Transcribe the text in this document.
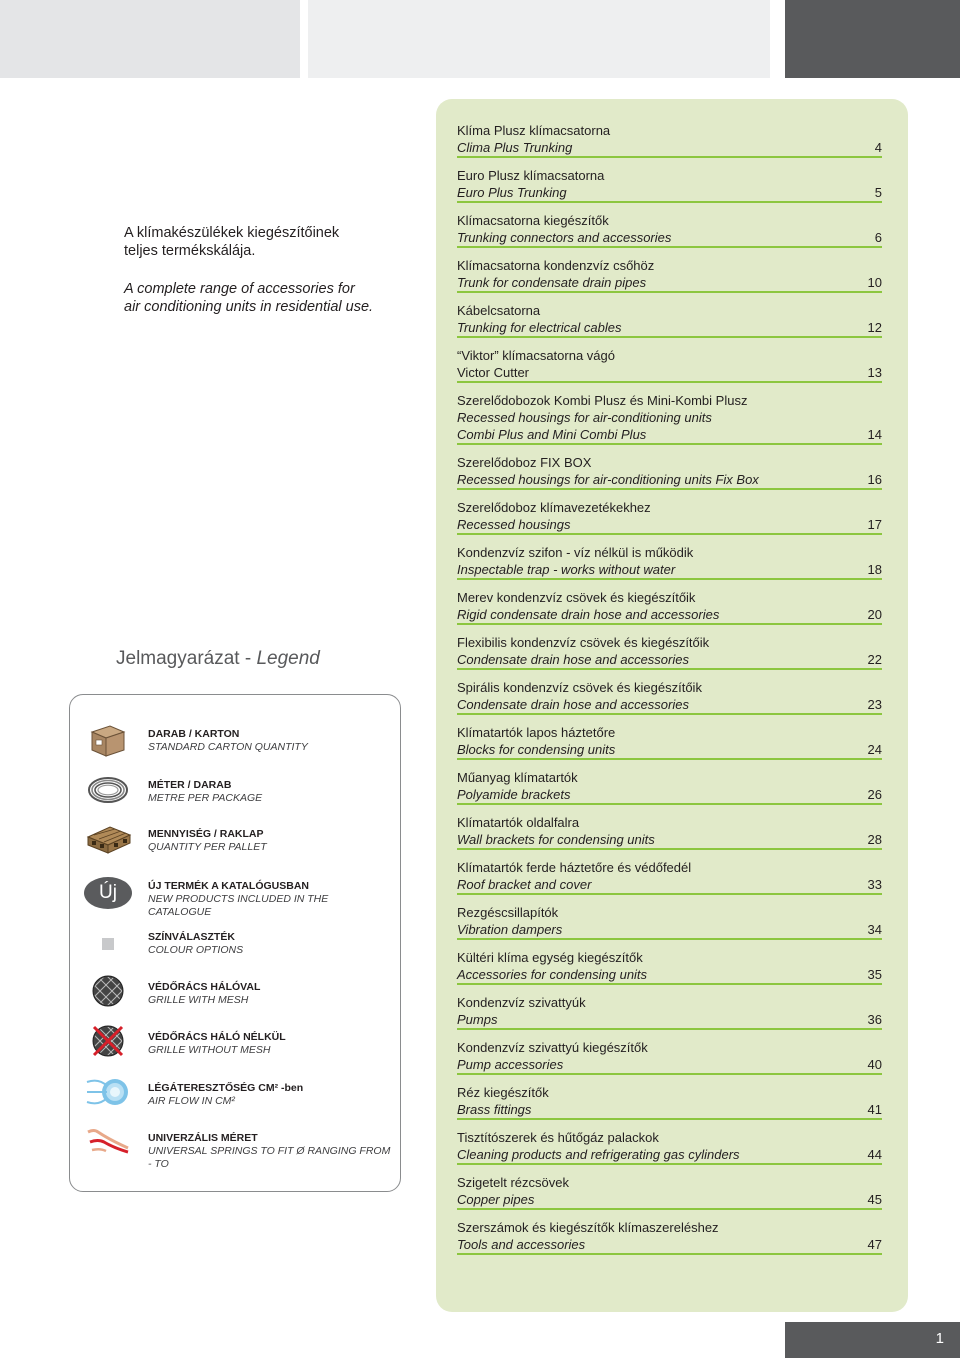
A klímakészülékek kiegészítőinek teljes termékskálája.

A complete range of accessories for air conditioning units in residential use.

Jelmagyarázat - Legend
DARAB / KARTON
STANDARD CARTON QUANTITY
MÉTER / DARAB
METRE PER PACKAGE
MENNYISÉG / RAKLAP
QUANTITY PER PALLET
Új	ÚJ TERMÉK A KATALÓGUSBAN
NEW PRODUCTS INCLUDED IN THE CATALOGUE
SZÍNVÁLASZTÉK
COLOUR OPTIONS
VÉDŐRÁCS HÁLÓVAL
GRILLE WITH MESH
VÉDŐRÁCS HÁLÓ NÉLKÜL
GRILLE WITHOUT MESH
LÉGÁTERESZTŐSÉG CM² -ben
AIR FLOW IN CM²
UNIVERZÁLIS MÉRET
UNIVERSAL SPRINGS TO FIT Ø RANGING FROM - TO
Klíma Plusz klímacsatorna
Clima Plus Trunking	4
Euro Plusz klímacsatorna
Euro Plus Trunking	5
Klímacsatorna kiegészítők
Trunking connectors and accessories	6
Klímacsatorna kondenzvíz csőhöz
Trunk for condensate drain pipes	10
Kábelcsatorna
Trunking for electrical cables	12
“Viktor” klímacsatorna vágó
Victor Cutter	13
Szerelődobozok Kombi Plusz és Mini-Kombi Plusz
Recessed housings for air-conditioning units
Combi Plus and Mini Combi Plus	14
Szerelődoboz FIX BOX
Recessed housings for air-conditioning units Fix Box	16
Szerelődoboz klímavezetékekhez
Recessed housings	17
Kondenzvíz szifon - víz nélkül is működik
Inspectable trap - works without water	18
Merev kondenzvíz csövek és kiegészítőik
Rigid condensate drain hose and accessories	20
Flexibilis kondenzvíz csövek és kiegészítőik
Condensate drain hose and accessories	22
Spirális kondenzvíz csövek és kiegészítőik
Condensate drain hose and accessories	23
Klímatartók lapos háztetőre
Blocks for condensing units	24
Műanyag klímatartók
Polyamide brackets	26
Klímatartók oldalfalra
Wall brackets for condensing units	28
Klímatartók ferde háztetőre és védőfedél
Roof bracket and cover	33
Rezgéscsillapítók
Vibration dampers	34
Kültéri klíma egység kiegészítők
Accessories for condensing units	35
Kondenzvíz szivattyúk
Pumps	36
Kondenzvíz szivattyú kiegészítők
Pump accessories	40
Réz kiegészítők
Brass fittings	41
Tisztítószerek és hűtőgáz palackok
Cleaning products and refrigerating gas cylinders	44
Szigetelt rézcsövek
Copper pipes	45
Szerszámok és kiegészítők klímaszereléshez
Tools and accessories	47
1
